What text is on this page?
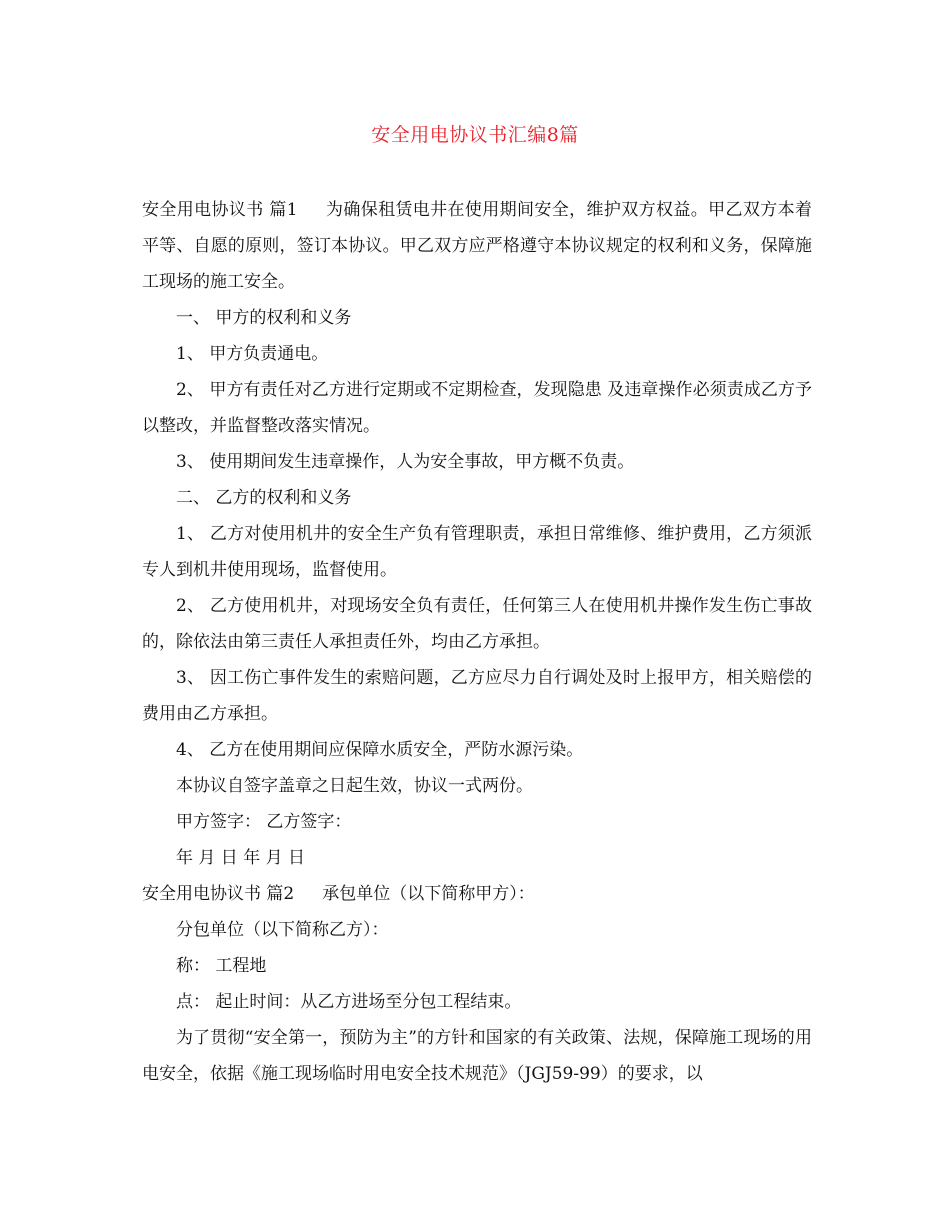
安全用电协议书汇编8篇

安全用电协议书 篇1 为确保租赁电井在使用期间安全，维护双方权益。甲乙双方本着平等、自愿的原则，签订本协议。甲乙双方应严格遵守本协议规定的权利和义务，保障施工现场的施工安全。

一、 甲方的权利和义务

1、 甲方负责通电。

2、 甲方有责任对乙方进行定期或不定期检查，发现隐患 及违章操作必须责成乙方予以整改，并监督整改落实情况。

3、 使用期间发生违章操作，人为安全事故，甲方概不负责。

二、 乙方的权利和义务

1、 乙方对使用机井的安全生产负有管理职责，承担日常维修、维护费用，乙方须派专人到机井使用现场，监督使用。

2、 乙方使用机井，对现场安全负有责任，任何第三人在使用机井操作发生伤亡事故的，除依法由第三责任人承担责任外，均由乙方承担。

3、 因工伤亡事件发生的索赔问题，乙方应尽力自行调处及时上报甲方，相关赔偿的费用由乙方承担。

4、 乙方在使用期间应保障水质安全，严防水源污染。

本协议自签字盖章之日起生效，协议一式两份。

甲方签字： 乙方签字：

年 月 日 年 月 日

安全用电协议书 篇2 承包单位（以下简称甲方）：

分包单位（以下简称乙方）：

称： 工程地

点： 起止时间：从乙方进场至分包工程结束。

为了贯彻“安全第一，预防为主”的方针和国家的有关政策、法规，保障施工现场的用电安全，依据《施工现场临时用电安全技术规范》（JGJ59-99）的要求，以
